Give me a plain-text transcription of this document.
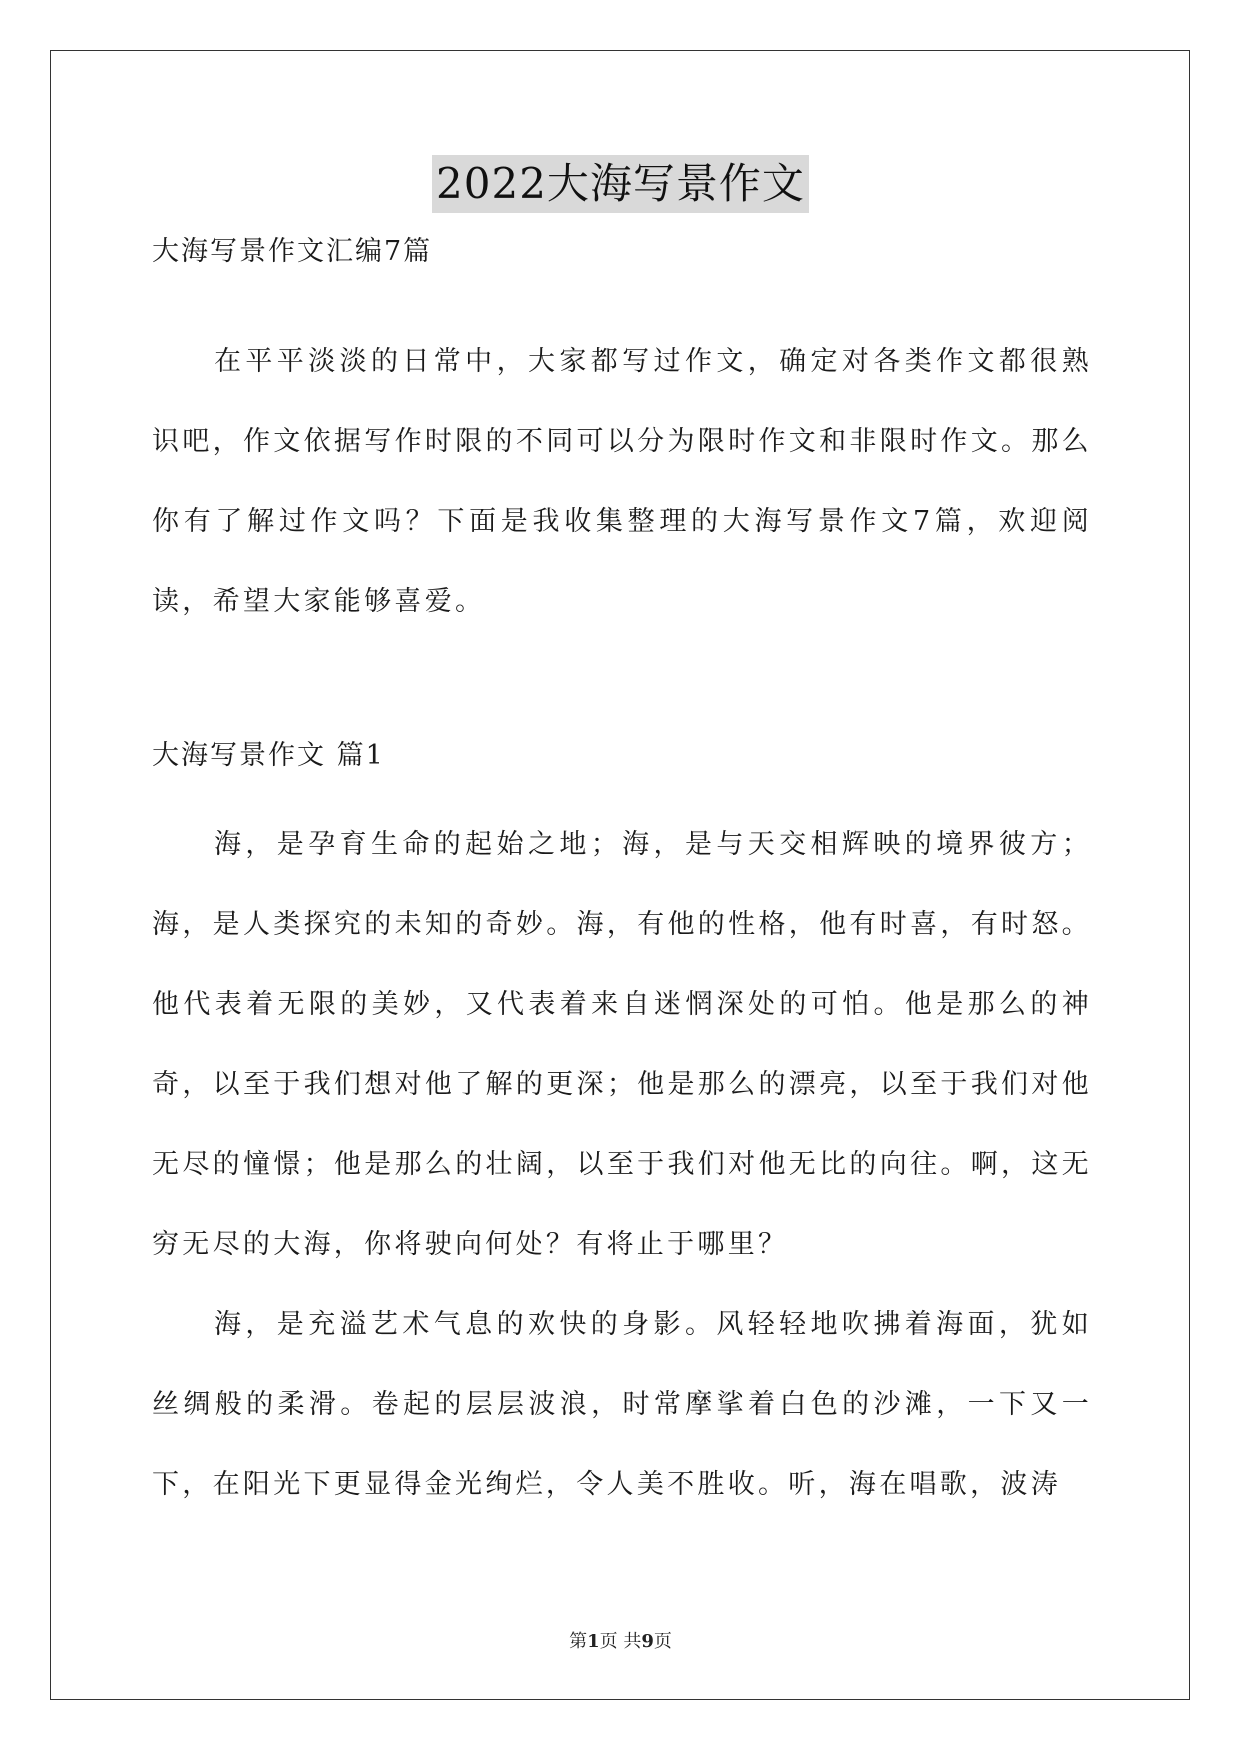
2022大海写景作文
大海写景作文汇编7篇
在平平淡淡的日常中，大家都写过作文，确定对各类作文都很熟识吧，作文依据写作时限的不同可以分为限时作文和非限时作文。那么你有了解过作文吗？下面是我收集整理的大海写景作文7篇，欢迎阅读，希望大家能够喜爱。
大海写景作文 篇1
海，是孕育生命的起始之地；海，是与天交相辉映的境界彼方；海，是人类探究的未知的奇妙。海，有他的性格，他有时喜，有时怒。他代表着无限的美妙，又代表着来自迷惘深处的可怕。他是那么的神奇，以至于我们想对他了解的更深；他是那么的漂亮，以至于我们对他无尽的憧憬；他是那么的壮阔，以至于我们对他无比的向往。啊，这无穷无尽的大海，你将驶向何处？有将止于哪里？
海，是充溢艺术气息的欢快的身影。风轻轻地吹拂着海面，犹如丝绸般的柔滑。卷起的层层波浪，时常摩挲着白色的沙滩，一下又一下，在阳光下更显得金光绚烂，令人美不胜收。听，海在唱歌，波涛
第1页 共9页
